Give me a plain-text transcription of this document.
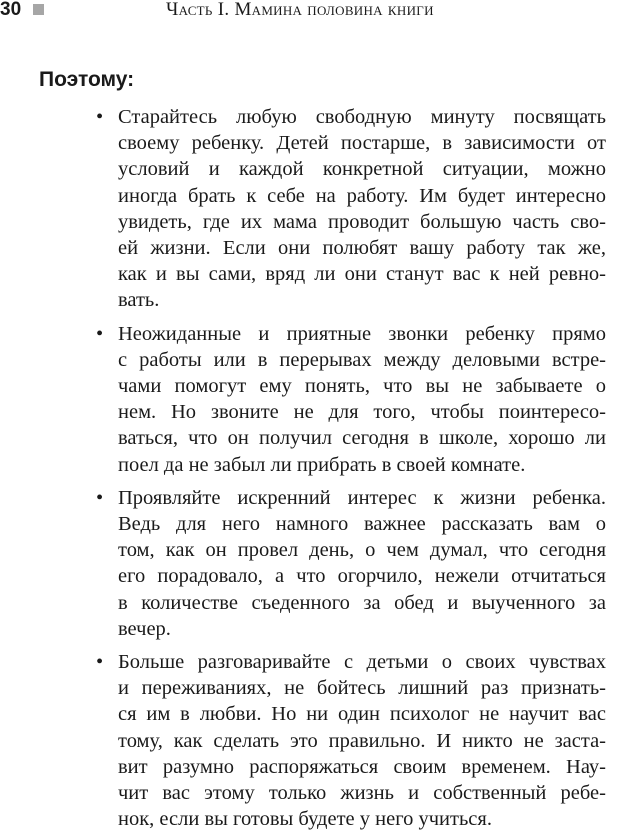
30	Часть I. Мамина половина книги
Поэтому:
• Старайтесь любую свободную минуту посвящать
своему ребенку. Детей постарше, в зависимости от
условий и каждой конкретной ситуации, можно
иногда брать к себе на работу. Им будет интересно
увидеть, где их мама проводит большую часть сво-
ей жизни. Если они полюбят вашу работу так же,
как и вы сами, вряд ли они станут вас к ней ревно-
вать.
• Неожиданные и приятные звонки ребенку прямо
с работы или в перерывах между деловыми встре-
чами помогут ему понять, что вы не забываете о
нем. Но звоните не для того, чтобы поинтересо-
ваться, что он получил сегодня в школе, хорошо ли
поел да не забыл ли прибрать в своей комнате.
• Проявляйте искренний интерес к жизни ребенка.
Ведь для него намного важнее рассказать вам о
том, как он провел день, о чем думал, что сегодня
его порадовало, а что огорчило, нежели отчитаться
в количестве съеденного за обед и выученного за
вечер.
• Больше разговаривайте с детьми о своих чувствах
и переживаниях, не бойтесь лишний раз признать-
ся им в любви. Но ни один психолог не научит вас
тому, как сделать это правильно. И никто не заста-
вит разумно распоряжаться своим временем. Нау-
чит вас этому только жизнь и собственный ребе-
нок, если вы готовы будете у него учиться.
